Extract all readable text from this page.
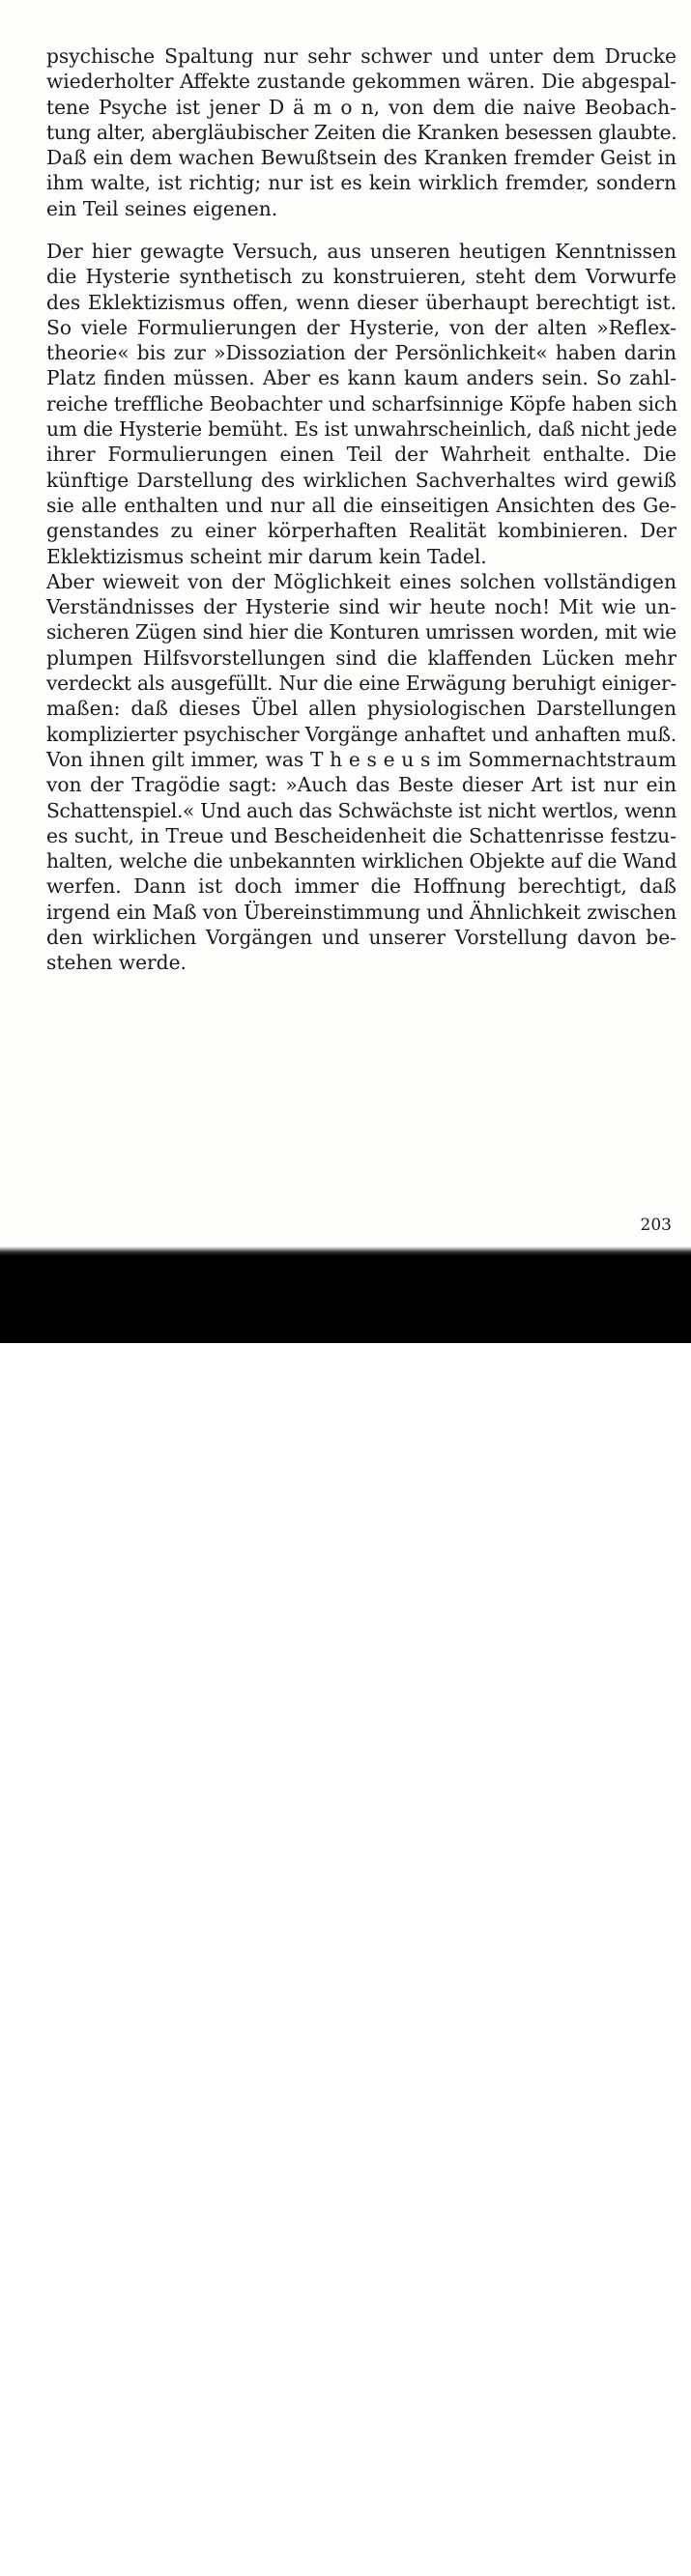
psychische Spaltung nur sehr schwer und unter dem Drucke
wiederholter Affekte zustande gekommen wären. Die abgespal-
tene Psyche ist jener D ä m o n, von dem die naive Beobach-
tung alter, abergläubischer Zeiten die Kranken besessen glaubte.
Daß ein dem wachen Bewußtsein des Kranken fremder Geist in
ihm walte, ist richtig; nur ist es kein wirklich fremder, sondern
ein Teil seines eigenen.
Der hier gewagte Versuch, aus unseren heutigen Kenntnissen
die Hysterie synthetisch zu konstruieren, steht dem Vorwurfe
des Eklektizismus offen, wenn dieser überhaupt berechtigt ist.
So viele Formulierungen der Hysterie, von der alten »Reflex-
theorie« bis zur »Dissoziation der Persönlichkeit« haben darin
Platz finden müssen. Aber es kann kaum anders sein. So zahl-
reiche treffliche Beobachter und scharfsinnige Köpfe haben sich
um die Hysterie bemüht. Es ist unwahrscheinlich, daß nicht jede
ihrer Formulierungen einen Teil der Wahrheit enthalte. Die
künftige Darstellung des wirklichen Sachverhaltes wird gewiß
sie alle enthalten und nur all die einseitigen Ansichten des Ge-
genstandes zu einer körperhaften Realität kombinieren. Der
Eklektizismus scheint mir darum kein Tadel.
Aber wieweit von der Möglichkeit eines solchen vollständigen
Verständnisses der Hysterie sind wir heute noch! Mit wie un-
sicheren Zügen sind hier die Konturen umrissen worden, mit wie
plumpen Hilfsvorstellungen sind die klaffenden Lücken mehr
verdeckt als ausgefüllt. Nur die eine Erwägung beruhigt einiger-
maßen: daß dieses Übel allen physiologischen Darstellungen
komplizierter psychischer Vorgänge anhaftet und anhaften muß.
Von ihnen gilt immer, was T h e s e u s im Sommernachtstraum
von der Tragödie sagt: »Auch das Beste dieser Art ist nur ein
Schattenspiel.« Und auch das Schwächste ist nicht wertlos, wenn
es sucht, in Treue und Bescheidenheit die Schattenrisse festzu-
halten, welche die unbekannten wirklichen Objekte auf die Wand
werfen. Dann ist doch immer die Hoffnung berechtigt, daß
irgend ein Maß von Übereinstimmung und Ähnlichkeit zwischen
den wirklichen Vorgängen und unserer Vorstellung davon be-
stehen werde.
203
alamy	P8TC9H
www.alamy.com
